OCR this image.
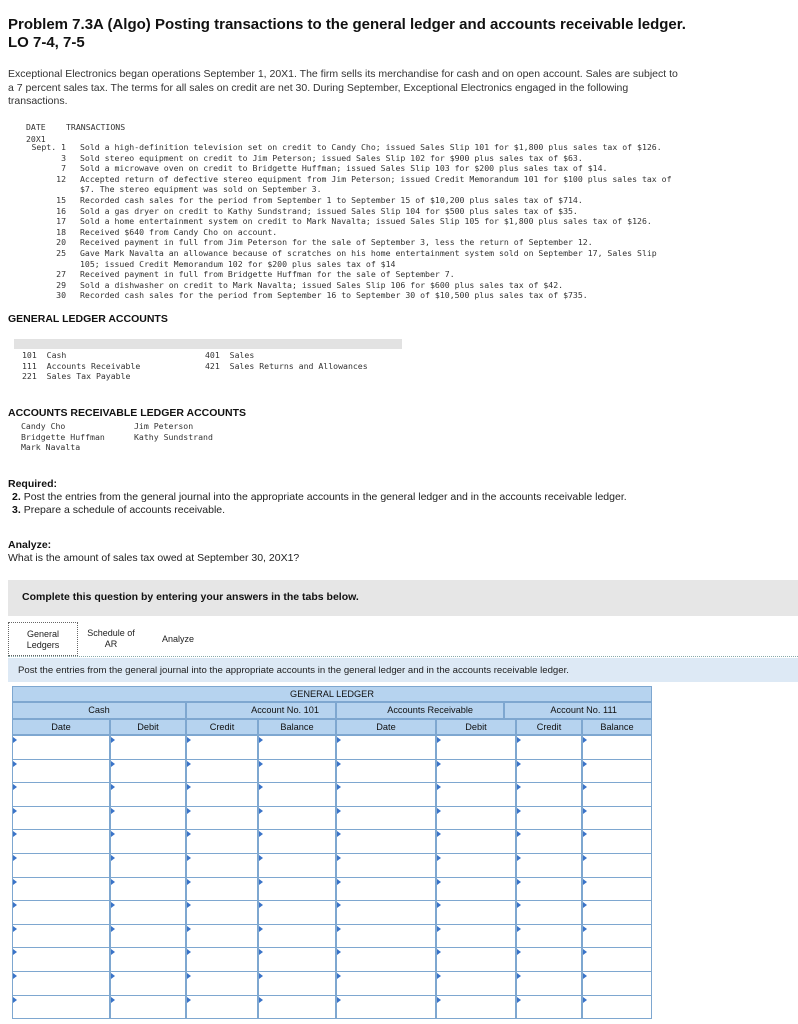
Problem 7.3A (Algo) Posting transactions to the general ledger and accounts receivable ledger. LO 7-4, 7-5
Exceptional Electronics began operations September 1, 20X1. The firm sells its merchandise for cash and on open account. Sales are subject to a 7 percent sales tax. The terms for all sales on credit are net 30. During September, Exceptional Electronics engaged in the following transactions.
DATE TRANSACTIONS
20X1
Sept. 1 Sold a high-definition television set on credit to Candy Cho; issued Sales Slip 101 for $1,800 plus sales tax of $126.
3 Sold stereo equipment on credit to Jim Peterson; issued Sales Slip 102 for $900 plus sales tax of $63.
7 Sold a microwave oven on credit to Bridgette Huffman; issued Sales Slip 103 for $200 plus sales tax of $14.
12 Accepted return of defective stereo equipment from Jim Peterson; issued Credit Memorandum 101 for $100 plus sales tax of $7. The stereo equipment was sold on September 3.
15 Recorded cash sales for the period from September 1 to September 15 of $10,200 plus sales tax of $714.
16 Sold a gas dryer on credit to Kathy Sundstrand; issued Sales Slip 104 for $500 plus sales tax of $35.
17 Sold a home entertainment system on credit to Mark Navalta; issued Sales Slip 105 for $1,800 plus sales tax of $126.
18 Received $640 from Candy Cho on account.
20 Received payment in full from Jim Peterson for the sale of September 3, less the return of September 12.
25 Gave Mark Navalta an allowance because of scratches on his home entertainment system sold on September 17, Sales Slip 105; issued Credit Memorandum 102 for $200 plus sales tax of $14
27 Received payment in full from Bridgette Huffman for the sale of September 7.
29 Sold a dishwasher on credit to Mark Navalta; issued Sales Slip 106 for $600 plus sales tax of $42.
30 Recorded cash sales for the period from September 16 to September 30 of $10,500 plus sales tax of $735.
GENERAL LEDGER ACCOUNTS
101  Cash
111  Accounts Receivable
221  Sales Tax Payable
401  Sales
421  Sales Returns and Allowances
ACCOUNTS RECEIVABLE LEDGER ACCOUNTS
Candy Cho
Bridgette Huffman
Mark Navalta
Jim Peterson
Kathy Sundstrand
Required:
2. Post the entries from the general journal into the appropriate accounts in the general ledger and in the accounts receivable ledger.
3. Prepare a schedule of accounts receivable.
Analyze:
What is the amount of sales tax owed at September 30, 20X1?
Complete this question by entering your answers in the tabs below.
General
Ledgers
Schedule of
AR	Analyze
Post the entries from the general journal into the appropriate accounts in the general ledger and in the accounts receivable ledger.
GENERAL LEDGER
Cash	Account No. 101	Accounts Receivable	Account No. 111
Date	Debit	Credit	Balance	Date	Debit	Credit	Balance
